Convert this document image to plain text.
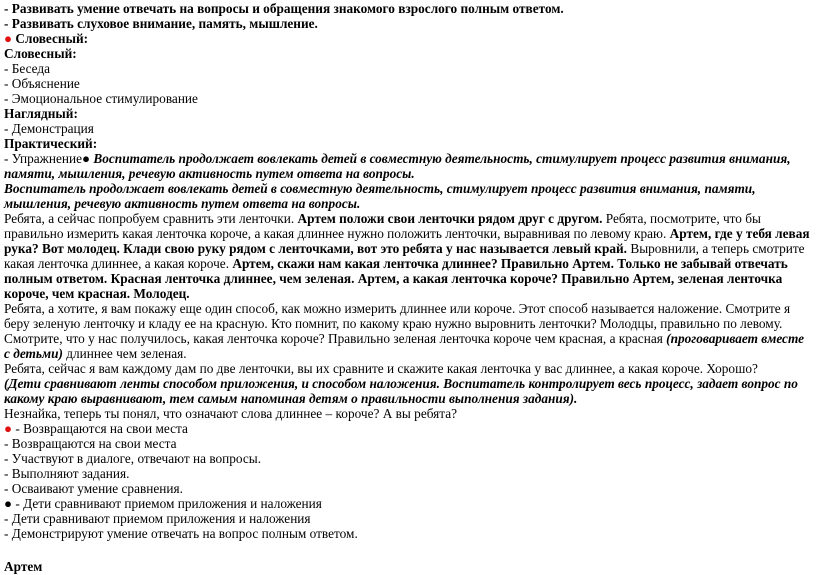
- Развивать умение отвечать на вопросы и обращения знакомого взрослого полным ответом.
- Развивать слуховое внимание, память, мышление.
● Словесный:
Словесный:
- Беседа
- Объяснение
- Эмоциональное стимулирование
Наглядный:
- Демонстрация
Практический:
- Упражнение● Воспитатель продолжает вовлекать детей в совместную деятельность, стимулирует процесс развития внимания, памяти, мышления, речевую активность путем ответа на вопросы.
Воспитатель продолжает вовлекать детей в совместную деятельность, стимулирует процесс развития внимания, памяти, мышления, речевую активность путем ответа на вопросы.
Ребята, а сейчас попробуем сравнить эти ленточки. Артем положи свои ленточки рядом друг с другом. Ребята, посмотрите, что бы правильно измерить какая ленточка короче, а какая длиннее нужно положить ленточки, выравнивая по левому краю. Артем, где у тебя левая рука? Вот молодец. Клади свою руку рядом с ленточками, вот это ребята у нас называется левый край. Выровнили, а теперь смотрите какая ленточка длиннее, а какая короче. Артем, скажи нам какая ленточка длиннее? Правильно Артем. Только не забывай отвечать полным ответом. Красная ленточка длиннее, чем зеленая. Артем, а какая ленточка короче? Правильно Артем, зеленая ленточка короче, чем красная. Молодец.
Ребята, а хотите, я вам покажу еще один способ, как можно измерить длиннее или короче. Этот способ называется наложение. Смотрите я беру зеленую ленточку и кладу ее на красную. Кто помнит, по какому краю нужно выровнить ленточки? Молодцы, правильно по левому. Смотрите, что у нас получилось, какая ленточка короче? Правильно зеленая ленточка короче чем красная, а красная (проговаривает вместе с детьми) длиннее чем зеленая.
Ребята, сейчас я вам каждому дам по две ленточки, вы их сравните и скажите какая ленточка у вас длиннее, а какая короче. Хорошо?
(Дети сравнивают ленты способом приложения, и способом наложения. Воспитатель контролирует весь процесс, задает вопрос по какому краю выравнивают, тем самым напоминая детям о правильности выполнения задания).
Незнайка, теперь ты понял, что означают слова длиннее – короче? А вы ребята?
● - Возвращаются на свои места
- Возвращаются на свои места
- Участвуют в диалоге, отвечают на вопросы.
- Выполняют задания.
- Осваивают умение сравнения.
● - Дети сравнивают приемом приложения и наложения
- Дети сравнивают приемом приложения и наложения
- Демонстрируют умение отвечать на вопрос полным ответом.
Артем
